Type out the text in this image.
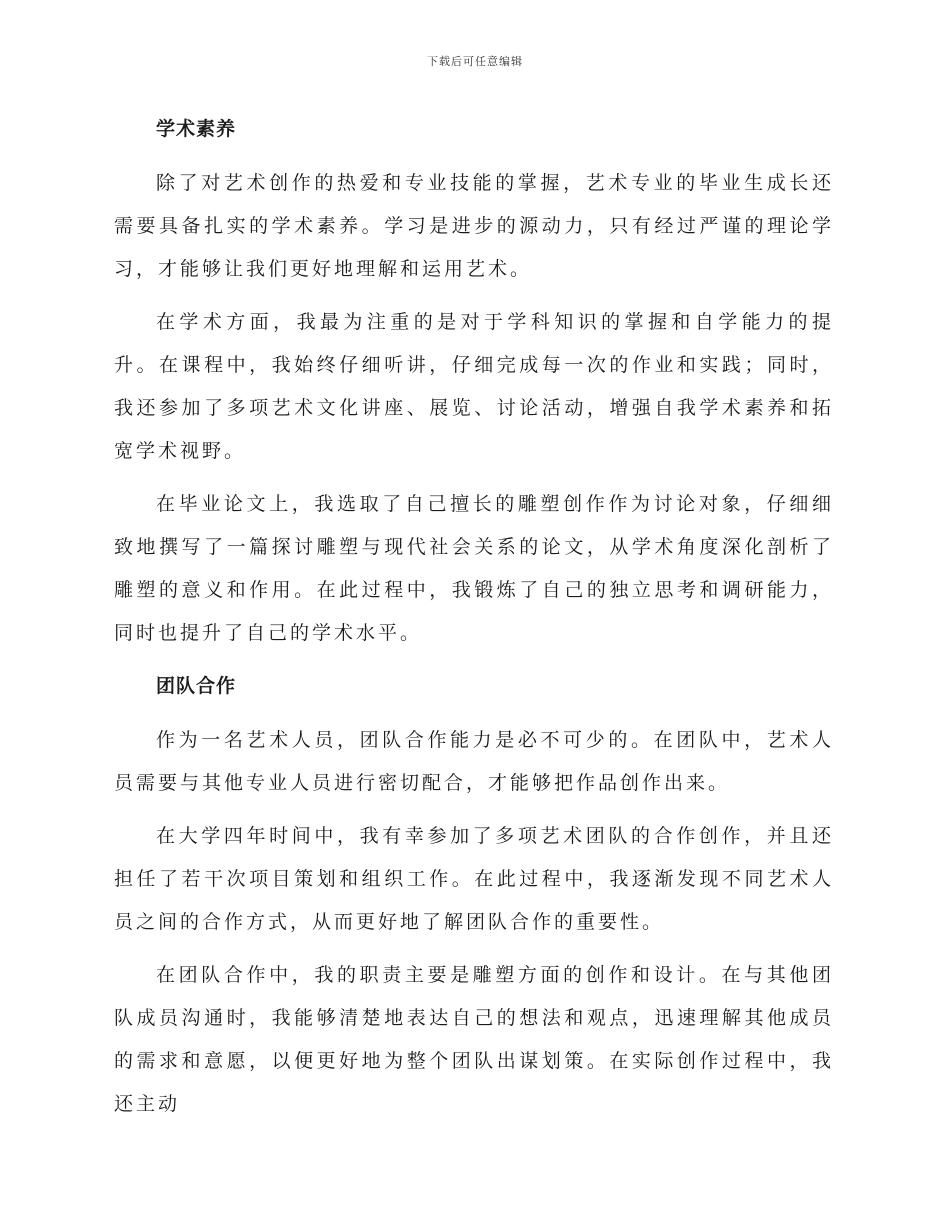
下载后可任意编辑
学术素养

除了对艺术创作的热爱和专业技能的掌握，艺术专业的毕业生成长还需要具备扎实的学术素养。学习是进步的源动力，只有经过严谨的理论学习，才能够让我们更好地理解和运用艺术。

在学术方面，我最为注重的是对于学科知识的掌握和自学能力的提升。在课程中，我始终仔细听讲，仔细完成每一次的作业和实践；同时，我还参加了多项艺术文化讲座、展览、讨论活动，增强自我学术素养和拓宽学术视野。

在毕业论文上，我选取了自己擅长的雕塑创作作为讨论对象，仔细细致地撰写了一篇探讨雕塑与现代社会关系的论文，从学术角度深化剖析了雕塑的意义和作用。在此过程中，我锻炼了自己的独立思考和调研能力，同时也提升了自己的学术水平。

团队合作

作为一名艺术人员，团队合作能力是必不可少的。在团队中，艺术人员需要与其他专业人员进行密切配合，才能够把作品创作出来。

在大学四年时间中，我有幸参加了多项艺术团队的合作创作，并且还担任了若干次项目策划和组织工作。在此过程中，我逐渐发现不同艺术人员之间的合作方式，从而更好地了解团队合作的重要性。

在团队合作中，我的职责主要是雕塑方面的创作和设计。在与其他团队成员沟通时，我能够清楚地表达自己的想法和观点，迅速理解其他成员的需求和意愿，以便更好地为整个团队出谋划策。在实际创作过程中，我还主动
